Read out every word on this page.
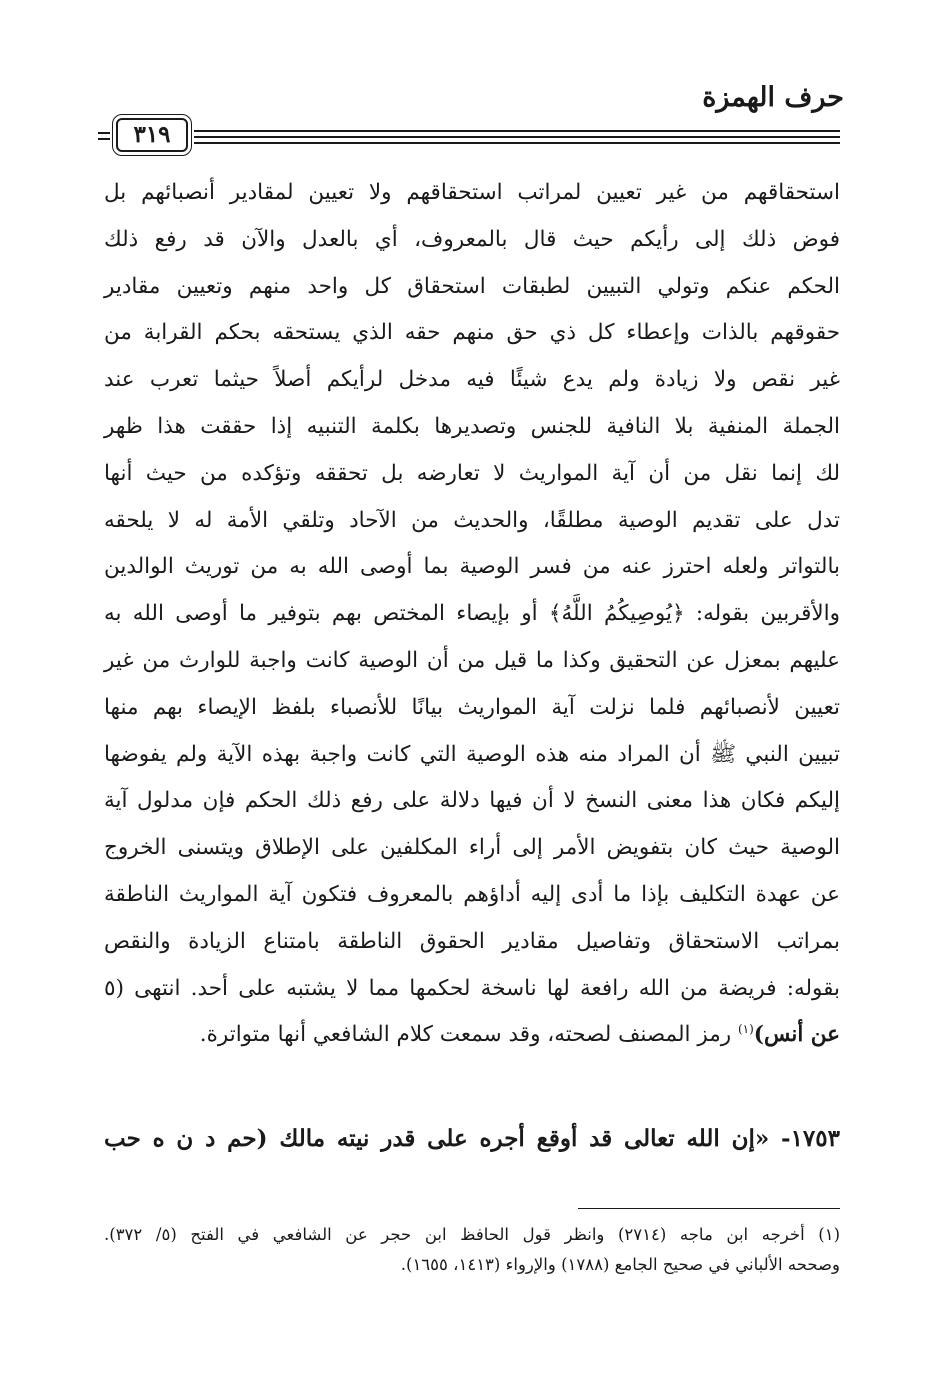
حرف الهمزة
٣١٩
استحقاقهم من غير تعيين لمراتب استحقاقهم ولا تعيين لمقادير أنصبائهم بل
فوض ذلك إلى رأيكم حيث قال بالمعروف، أي بالعدل والآن قد رفع ذلك
الحكم عنكم وتولي التبيين لطبقات استحقاق كل واحد منهم وتعيين مقادير
حقوقهم بالذات وإعطاء كل ذي حق منهم حقه الذي يستحقه بحكم القرابة من
غير نقص ولا زيادة ولم يدع شيئًا فيه مدخل لرأيكم أصلاً حيثما تعرب عند
الجملة المنفية بلا النافية للجنس وتصديرها بكلمة التنبيه إذا حققت هذا ظهر
لك إنما نقل من أن آية المواريث لا تعارضه بل تحققه وتؤكده من حيث أنها
تدل على تقديم الوصية مطلقًا، والحديث من الآحاد وتلقي الأمة له لا يلحقه
بالتواتر ولعله احترز عنه من فسر الوصية بما أوصى الله به من توريث الوالدين
والأقربين بقوله: ﴿يُوصِيكُمُ اللَّهُ﴾ أو بإيصاء المختص بهم بتوفير ما أوصى الله به
عليهم بمعزل عن التحقيق وكذا ما قيل من أن الوصية كانت واجبة للوارث من غير
تعيين لأنصبائهم فلما نزلت آية المواريث بيانًا للأنصباء بلفظ الإيصاء بهم منها
تبيين النبي ﷺ أن المراد منه هذه الوصية التي كانت واجبة بهذه الآية ولم يفوضها
إليكم فكان هذا معنى النسخ لا أن فيها دلالة على رفع ذلك الحكم فإن مدلول آية
الوصية حيث كان بتفويض الأمر إلى أراء المكلفين على الإطلاق ويتسنى الخروج
عن عهدة التكليف بإذا ما أدى إليه أداؤهم بالمعروف فتكون آية المواريث الناطقة
بمراتب الاستحقاق وتفاصيل مقادير الحقوق الناطقة بامتناع الزيادة والنقص
بقوله: فريضة من الله رافعة لها ناسخة لحكمها مما لا يشتبه على أحد. انتهى (٥
عن أنس)$^{(١)}$ رمز المصنف لصحته، وقد سمعت كلام الشافعي أنها متواترة.
١٧٥٣- «إن الله تعالى قد أوقع أجره على قدر نيته مالك (حم د ن ه حب
(١) أخرجه ابن ماجه (٢٧١٤) وانظر قول الحافظ ابن حجر عن الشافعي في الفتح (٥/ ٣٧٢).
وصححه الألباني في صحيح الجامع (١٧٨٨) والإرواء (١٤١٣، ١٦٥٥).
